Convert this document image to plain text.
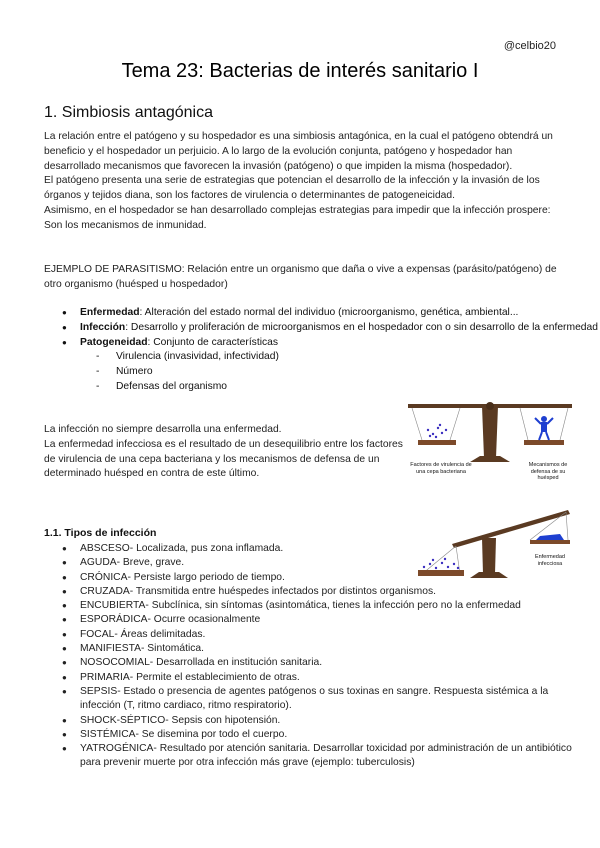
@celbio20
Tema 23: Bacterias de interés sanitario I
1. Simbiosis antagónica
La relación entre el patógeno y su hospedador es una simbiosis antagónica, en la cual el patógeno obtendrá un beneficio y el hospedador un perjuicio. A lo largo de la evolución conjunta, patógeno y hospedador han desarrollado mecanismos que favorecen la invasión (patógeno) o que impiden la misma (hospedador).
El patógeno presenta una serie de estrategias que potencian el desarrollo de la infección y la invasión de los órganos y tejidos diana, son los factores de virulencia o determinantes de patogeneicidad.
Asimismo, en el hospedador se han desarrollado complejas estrategias para impedir que la infección prospere: Son los mecanismos de inmunidad.
EJEMPLO DE PARASITISMO: Relación entre un organismo que daña o vive a expensas (parásito/patógeno) de otro organismo (huésped u hospedador)
● Enfermedad: Alteración del estado normal del individuo (microorganismo, genética, ambiental...
● Infección: Desarrollo y proliferación de microorganismos en el hospedador con o sin desarrollo de la enfermedad
● Patogeneidad: Conjunto de características
- Virulencia (invasividad, infectividad)
- Número
- Defensas del organismo
La infección no siempre desarrolla una enfermedad.
La enfermedad infecciosa es el resultado de un desequilibrio entre los factores de virulencia de una cepa bacteriana y los mecanismos de defensa de un determinado huésped en contra de este último.
Factores de virulencia de una cepa bacteriana
Mecanismos de defensa de su huésped
Enfermedad infecciosa
1.1. Tipos de infección
● ABSCESO- Localizada, pus zona inflamada.
● AGUDA- Breve, grave.
● CRÓNICA- Persiste largo periodo de tiempo.
● CRUZADA- Transmitida entre huéspedes infectados por distintos organismos.
● ENCUBIERTA- Subclínica, sin síntomas (asintomática, tienes la infección pero no la enfermedad
● ESPORÁDICA- Ocurre ocasionalmente
● FOCAL- Áreas delimitadas.
● MANIFIESTA- Sintomática.
● NOSOCOMIAL- Desarrollada en institución sanitaria.
● PRIMARIA- Permite el establecimiento de otras.
● SEPSIS- Estado o presencia de agentes patógenos o sus toxinas en sangre. Respuesta sistémica a la infección (T, ritmo cardiaco, ritmo respiratorio).
● SHOCK-SÉPTICO- Sepsis con hipotensión.
● SISTÉMICA- Se disemina por todo el cuerpo.
● YATROGÉNICA- Resultado por atención sanitaria. Desarrollar toxicidad por administración de un antibiótico para prevenir muerte por otra infección más grave (ejemplo: tuberculosis)
